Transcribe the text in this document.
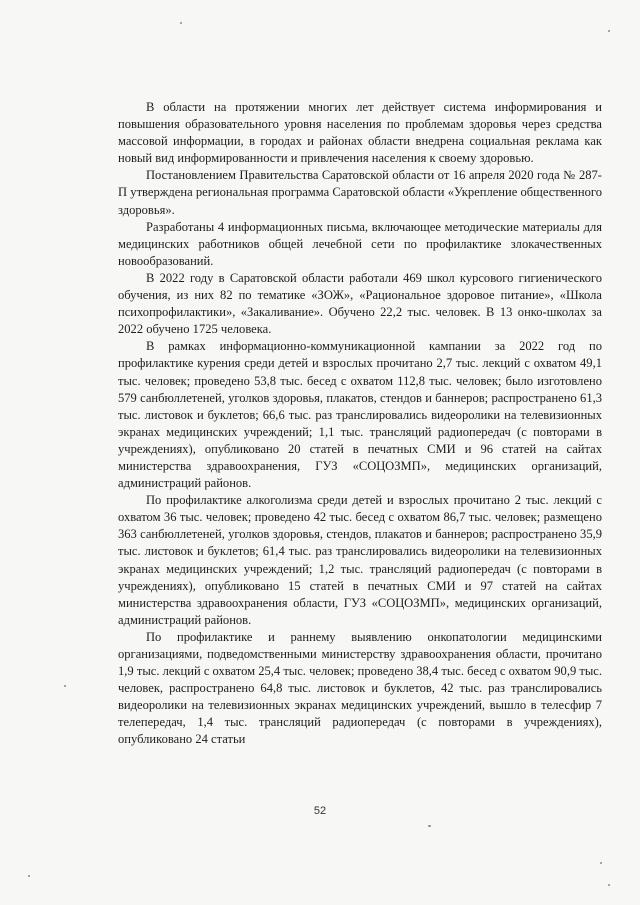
В области на протяжении многих лет действует система информирования и повышения образовательного уровня населения по проблемам здоровья через средства массовой информации, в городах и районах области внедрена социальная реклама как новый вид информированности и привлечения населения к своему здоровью.

Постановлением Правительства Саратовской области от 16 апреля 2020 года № 287-П утверждена региональная программа Саратовской области «Укрепление общественного здоровья».

Разработаны 4 информационных письма, включающее методические материалы для медицинских работников общей лечебной сети по профилактике злокачественных новообразований.

В 2022 году в Саратовской области работали 469 школ курсового гигиенического обучения, из них 82 по тематике «ЗОЖ», «Рациональное здоровое питание», «Школа психопрофилактики», «Закаливание». Обучено 22,2 тыс. человек. В 13 онко-школах за 2022 обучено 1725 человека.

В рамках информационно-коммуникационной кампании за 2022 год по профилактике курения среди детей и взрослых прочитано 2,7 тыс. лекций с охватом 49,1 тыс. человек; проведено 53,8 тыс. бесед с охватом 112,8 тыс. человек; было изготовлено 579 санбюллетеней, уголков здоровья, плакатов, стендов и баннеров; распространено 61,3 тыс. листовок и буклетов; 66,6 тыс. раз транслировались видеоролики на телевизионных экранах медицинских учреждений; 1,1 тыс. трансляций радиопередач (с повторами в учреждениях), опубликовано 20 статей в печатных СМИ и 96 статей на сайтах министерства здравоохранения, ГУЗ «СОЦОЗМП», медицинских организаций, администраций районов.

По профилактике алкоголизма среди детей и взрослых прочитано 2 тыс. лекций с охватом 36 тыс. человек; проведено 42 тыс. бесед с охватом 86,7 тыс. человек; размещено 363 санбюллетеней, уголков здоровья, стендов, плакатов и баннеров; распространено 35,9 тыс. листовок и буклетов; 61,4 тыс. раз транслировались видеоролики на телевизионных экранах медицинских учреждений; 1,2 тыс. трансляций радиопередач (с повторами в учреждениях), опубликовано 15 статей в печатных СМИ и 97 статей на сайтах министерства здравоохранения области, ГУЗ «СОЦОЗМП», медицинских организаций, администраций районов.

По профилактике и раннему выявлению онкопатологии медицинскими организациями, подведомственными министерству здравоохранения области, прочитано 1,9 тыс. лекций с охватом 25,4 тыс. человек; проведено 38,4 тыс. бесед с охватом 90,9 тыс. человек, распространено 64,8 тыс. листовок и буклетов, 42 тыс. раз транслировались видеоролики на телевизионных экранах медицинских учреждений, вышло в телесфир 7 телепередач, 1,4 тыс. трансляций радиопередач (с повторами в учреждениях), опубликовано 24 статьи

52
